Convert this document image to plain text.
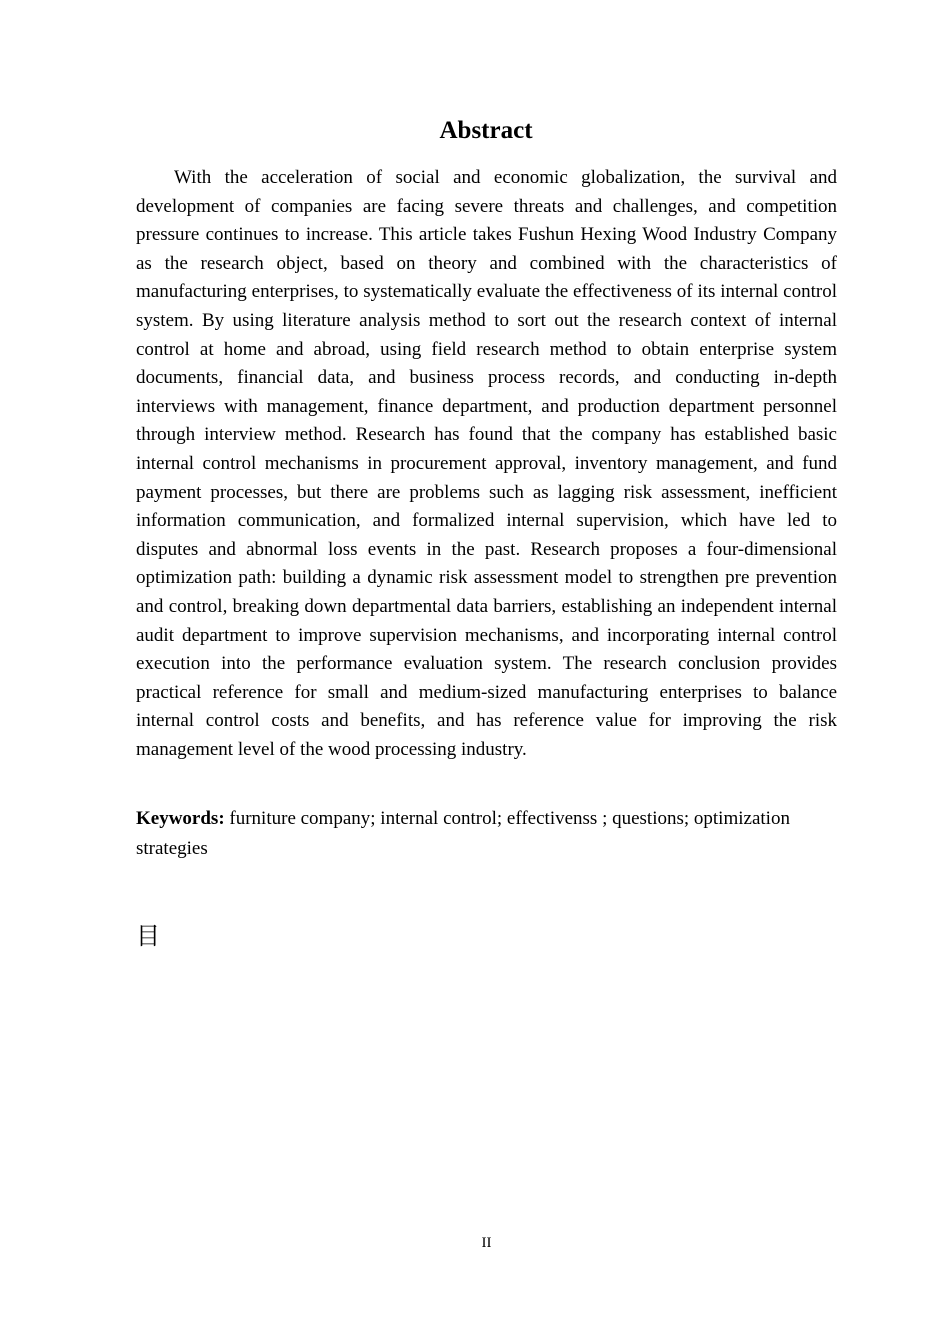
Abstract

With the acceleration of social and economic globalization, the survival and development of companies are facing severe threats and challenges, and competition pressure continues to increase. This article takes Fushun Hexing Wood Industry Company as the research object, based on theory and combined with the characteristics of manufacturing enterprises, to systematically evaluate the effectiveness of its internal control system. By using literature analysis method to sort out the research context of internal control at home and abroad, using field research method to obtain enterprise system documents, financial data, and business process records, and conducting in-depth interviews with management, finance department, and production department personnel through interview method. Research has found that the company has established basic internal control mechanisms in procurement approval, inventory management, and fund payment processes, but there are problems such as lagging risk assessment, inefficient information communication, and formalized internal supervision, which have led to disputes and abnormal loss events in the past. Research proposes a four-dimensional optimization path: building a dynamic risk assessment model to strengthen pre prevention and control, breaking down departmental data barriers, establishing an independent internal audit department to improve supervision mechanisms, and incorporating internal control execution into the performance evaluation system. The research conclusion provides practical reference for small and medium-sized manufacturing enterprises to balance internal control costs and benefits, and has reference value for improving the risk management level of the wood processing industry.

Keywords: furniture company; internal control; effectivenss ; questions; optimization strategies

目
II
